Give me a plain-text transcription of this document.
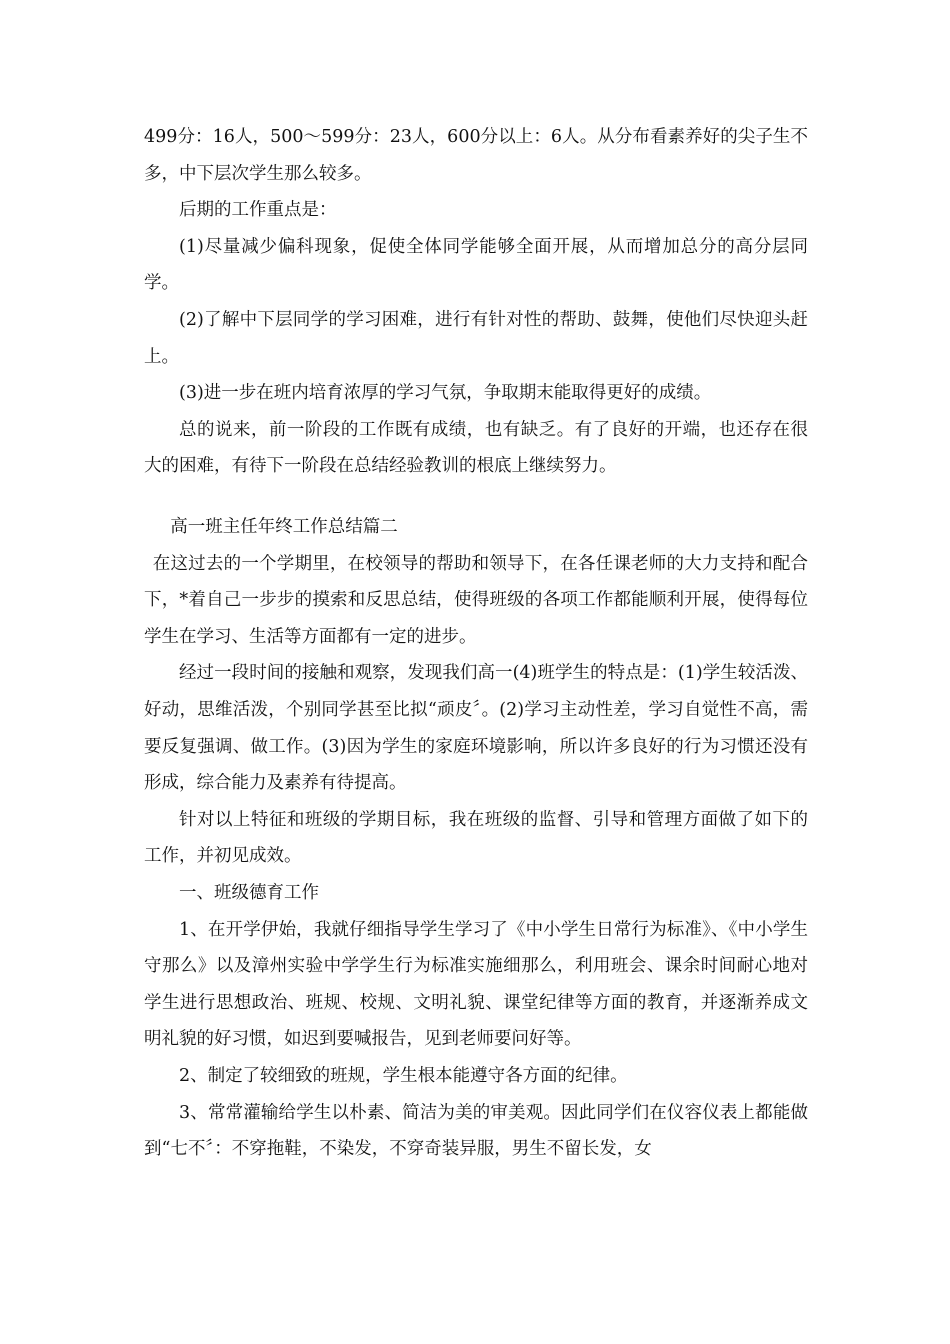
499分：16人，500～599分：23人，600分以上：6人。从分布看素养好的尖子生不多，中下层次学生那么较多。

后期的工作重点是：

(1)尽量减少偏科现象，促使全体同学能够全面开展，从而增加总分的高分层同学。

(2)了解中下层同学的学习困难，进行有针对性的帮助、鼓舞，使他们尽快迎头赶上。

(3)进一步在班内培育浓厚的学习气氛，争取期末能取得更好的成绩。

总的说来，前一阶段的工作既有成绩，也有缺乏。有了良好的开端，也还存在很大的困难，有待下一阶段在总结经验教训的根底上继续努力。

高一班主任年终工作总结篇二

在这过去的一个学期里，在校领导的帮助和领导下，在各任课老师的大力支持和配合下，*着自己一步步的摸索和反思总结，使得班级的各项工作都能顺利开展，使得每位学生在学习、生活等方面都有一定的进步。

经过一段时间的接触和观察，发现我们高一(4)班学生的特点是：(1)学生较活泼、好动，思维活泼，个别同学甚至比拟“顽皮〞。(2)学习主动性差，学习自觉性不高，需要反复强调、做工作。(3)因为学生的家庭环境影响，所以许多良好的行为习惯还没有形成，综合能力及素养有待提高。

针对以上特征和班级的学期目标，我在班级的监督、引导和管理方面做了如下的工作，并初见成效。

一、班级德育工作

1、在开学伊始，我就仔细指导学生学习了《中小学生日常行为标准》、《中小学生守那么》以及漳州实验中学学生行为标准实施细那么，利用班会、课余时间耐心地对学生进行思想政治、班规、校规、文明礼貌、课堂纪律等方面的教育，并逐渐养成文明礼貌的好习惯，如迟到要喊报告，见到老师要问好等。

2、制定了较细致的班规，学生根本能遵守各方面的纪律。

3、常常灌输给学生以朴素、简洁为美的审美观。因此同学们在仪容仪表上都能做到“七不〞：不穿拖鞋，不染发，不穿奇装异服，男生不留长发，女
